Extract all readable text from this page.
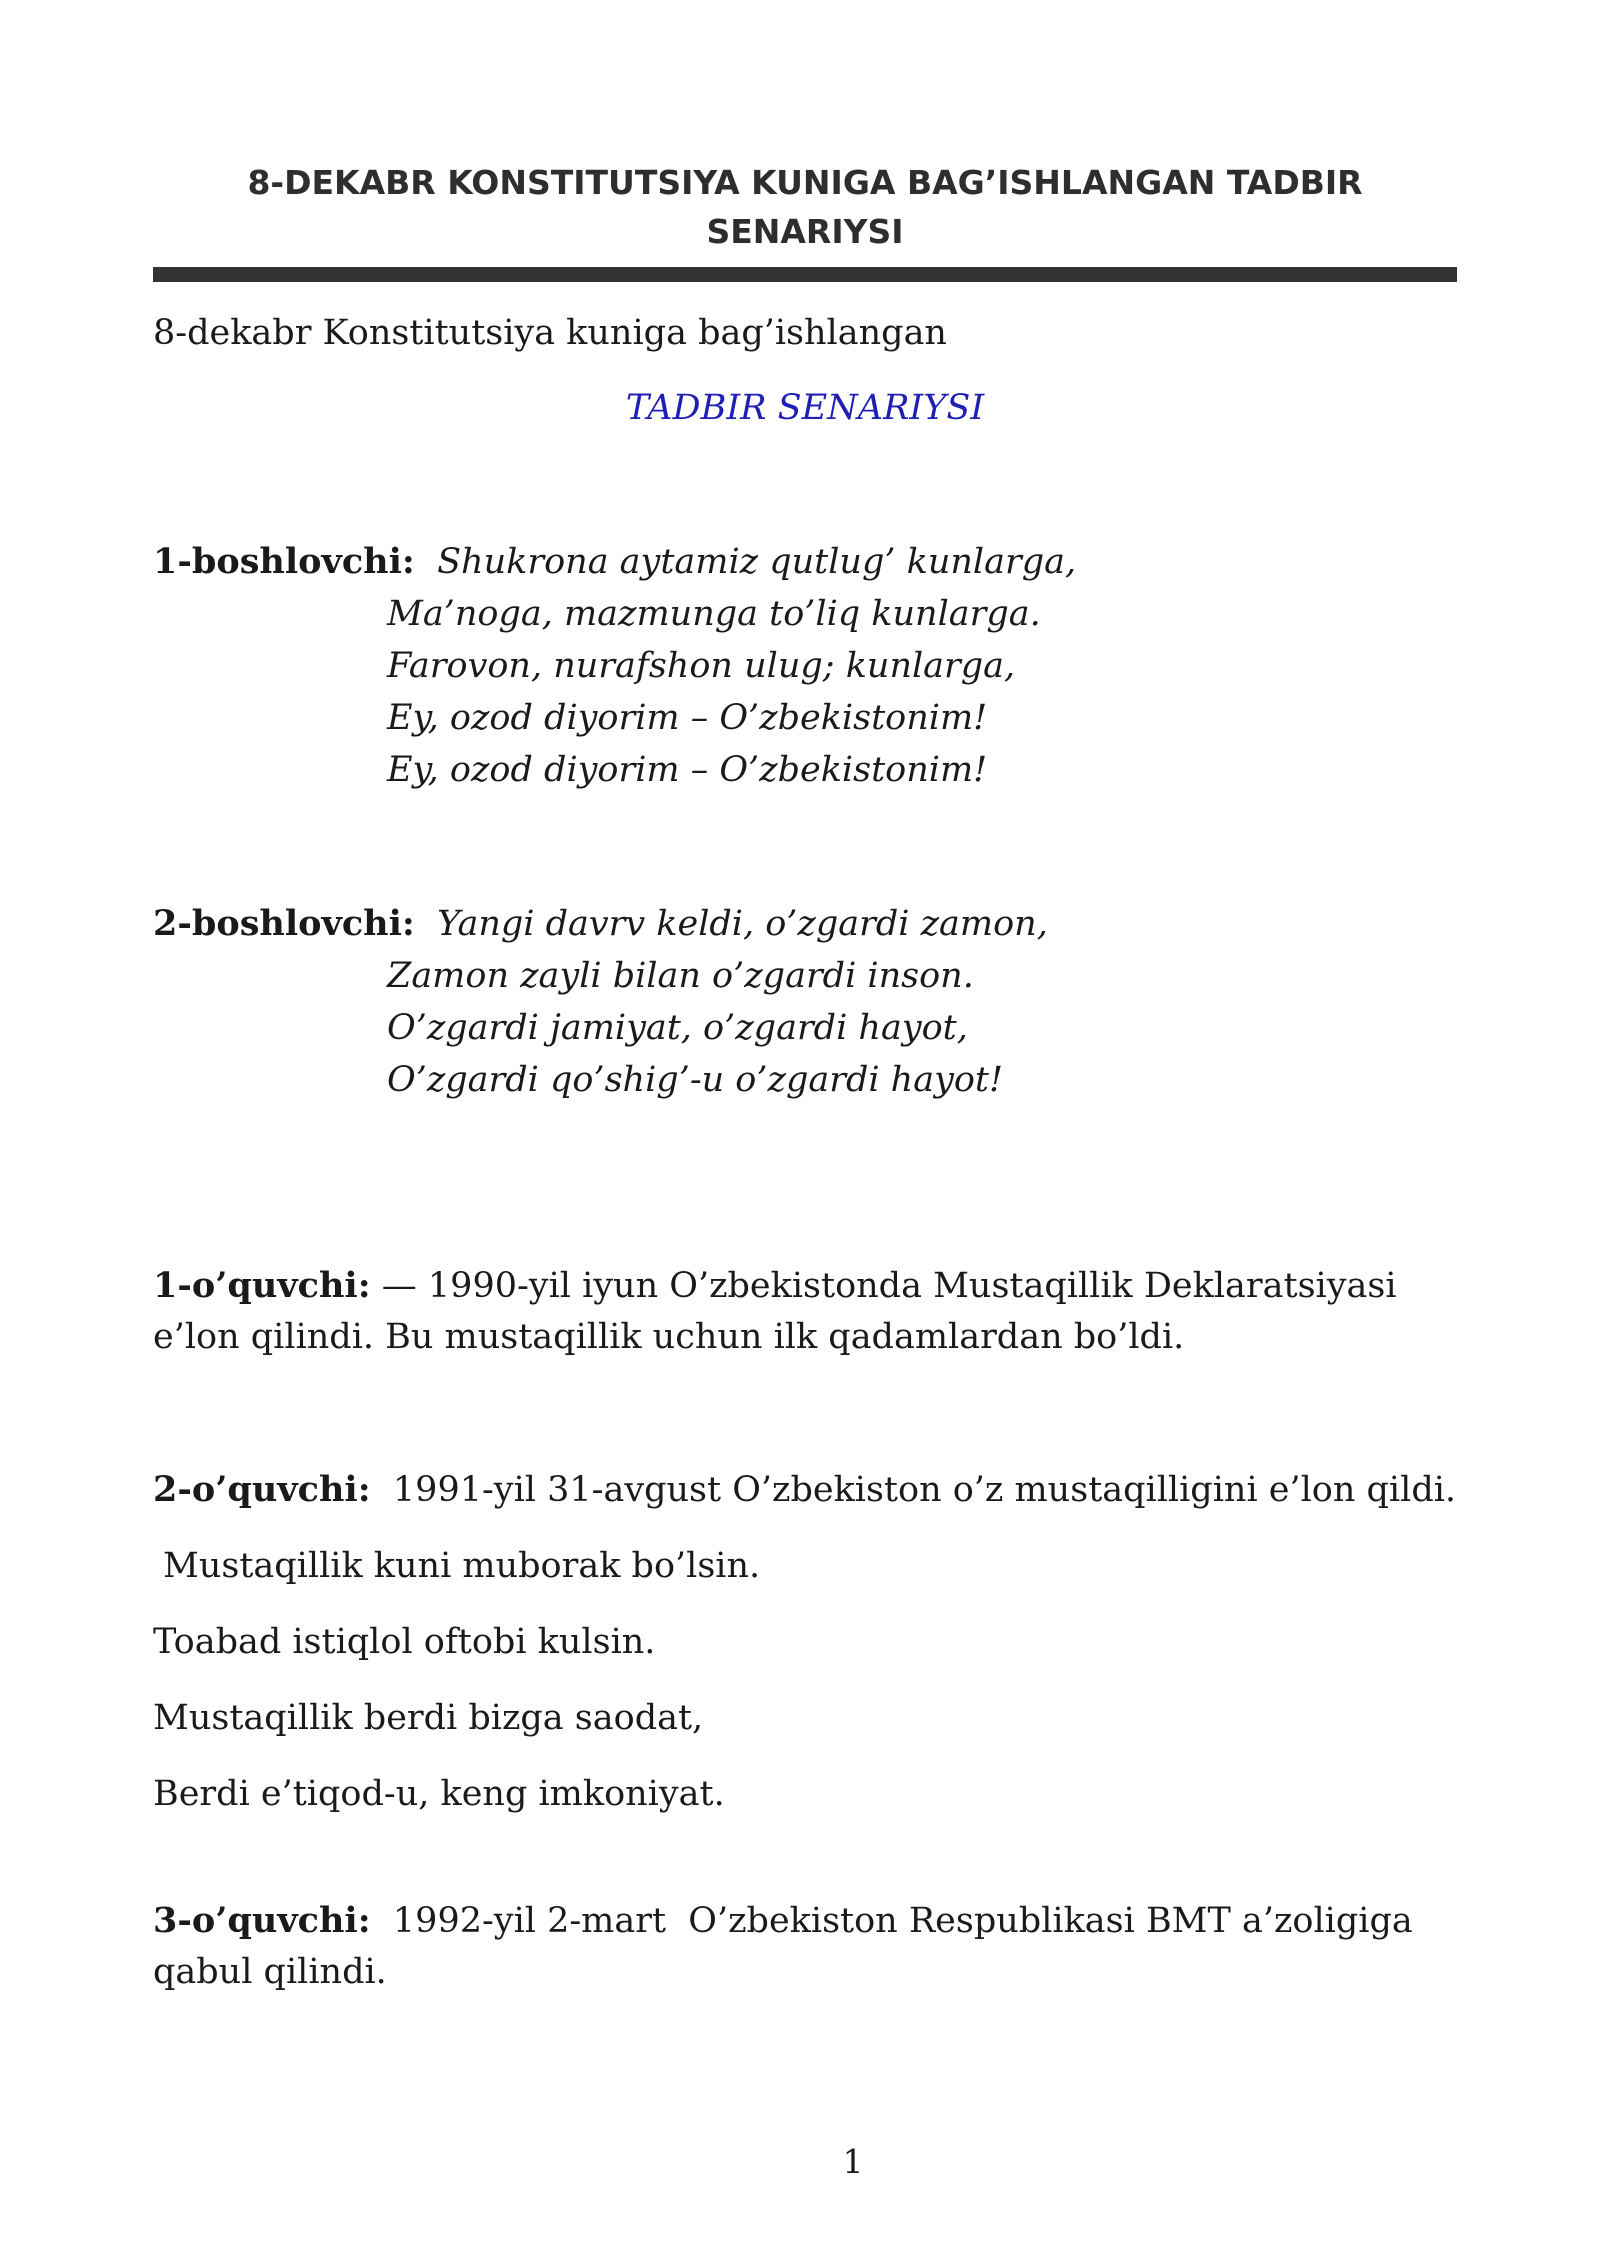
8-DEKABR KONSTITUTSIYA KUNIGA BAG’ISHLANGAN TADBIR SENARIYSI
8-dekabr Konstitutsiya kuniga bag’ishlangan
TADBIR SENARIYSI
1-boshlovchi: Shukrona aytamiz qutlug’ kunlarga,
Ma’noga, mazmunga to’liq kunlarga.
Farovon, nurafshon ulug; kunlarga,
Ey, ozod diyorim – O’zbekistonim!
Ey, ozod diyorim – O’zbekistonim!
2-boshlovchi: Yangi davrv keldi, o’zgardi zamon,
Zamon zayli bilan o’zgardi inson.
O’zgardi jamiyat, o’zgardi hayot,
O’zgardi qo’shig’-u o’zgardi hayot!
1-o’quvchi: — 1990-yil iyun O’zbekistonda Mustaqillik Deklaratsiyasi
e’lon qilindi. Bu mustaqillik uchun ilk qadamlardan bo’ldi.
2-o’quvchi: 1991-yil 31-avgust O’zbekiston o’z mustaqilligini e’lon qildi.
Mustaqillik kuni muborak bo’lsin.
Toabad istiqlol oftobi kulsin.
Mustaqillik berdi bizga saodat,
Berdi e’tiqod-u, keng imkoniyat.
3-o’quvchi: 1992-yil 2-mart  O’zbekiston Respublikasi BMT a’zoligiga
qabul qilindi.
1
